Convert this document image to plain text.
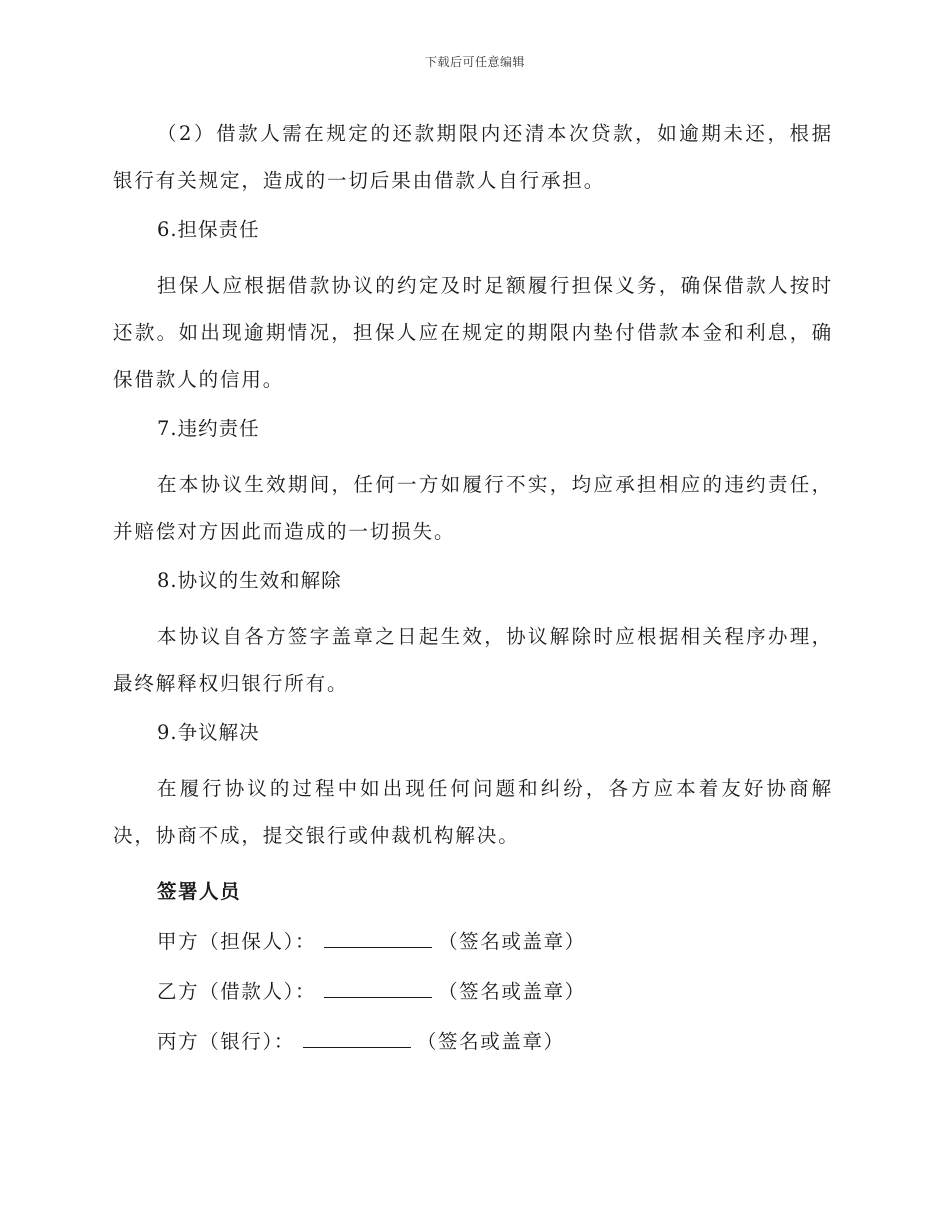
下载后可任意编辑

（2）借款人需在规定的还款期限内还清本次贷款，如逾期未还，根据银行有关规定，造成的一切后果由借款人自行承担。

6.担保责任

担保人应根据借款协议的约定及时足额履行担保义务，确保借款人按时还款。如出现逾期情况，担保人应在规定的期限内垫付借款本金和利息，确保借款人的信用。

7.违约责任

在本协议生效期间，任何一方如履行不实，均应承担相应的违约责任，并赔偿对方因此而造成的一切损失。

8.协议的生效和解除

本协议自各方签字盖章之日起生效，协议解除时应根据相关程序办理，最终解释权归银行所有。

9.争议解决

在履行协议的过程中如出现任何问题和纠纷，各方应本着友好协商解决，协商不成，提交银行或仲裁机构解决。

签署人员
甲方（担保人）：	（签名或盖章）
乙方（借款人）：	（签名或盖章）
丙方（银行）：	（签名或盖章）
